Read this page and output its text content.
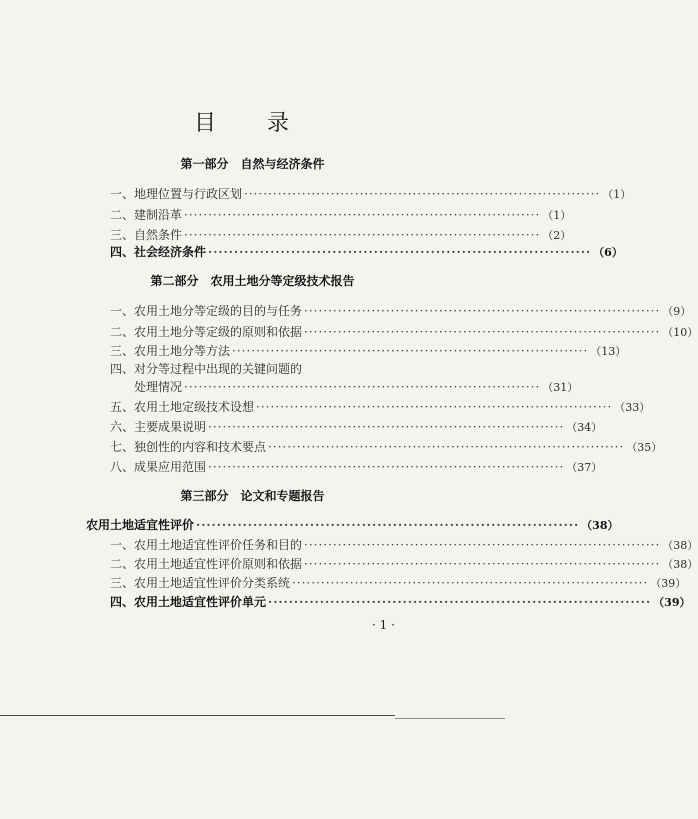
目 录
第一部分　自然与经济条件
一、地理位置与行政区划 ·········································································· （1）
二、建制沿革 ·········································································· （1）
三、自然条件 ·········································································· （2）
四、社会经济条件 ·········································································· （6）
第二部分　农用土地分等定级技术报告
一、农用土地分等定级的目的与任务 ·········································································· （9）
二、农用土地分等定级的原则和依据 ·········································································· （10）
三、农用土地分等方法 ·········································································· （13）
四、对分等过程中出现的关键问题的
处理情况 ·········································································· （31）
五、农用土地定级技术设想 ·········································································· （33）
六、主要成果说明 ·········································································· （34）
七、独创性的内容和技术要点 ·········································································· （35）
八、成果应用范围 ·········································································· （37）
第三部分　论文和专题报告
农用土地适宜性评价 ·········································································· （38）
一、农用土地适宜性评价任务和目的 ·········································································· （38）
二、农用土地适宜性评价原则和依据 ·········································································· （38）
三、农用土地适宜性评价分类系统 ·········································································· （39）
四、农用土地适宜性评价单元 ·········································································· （39）
· 1 ·
